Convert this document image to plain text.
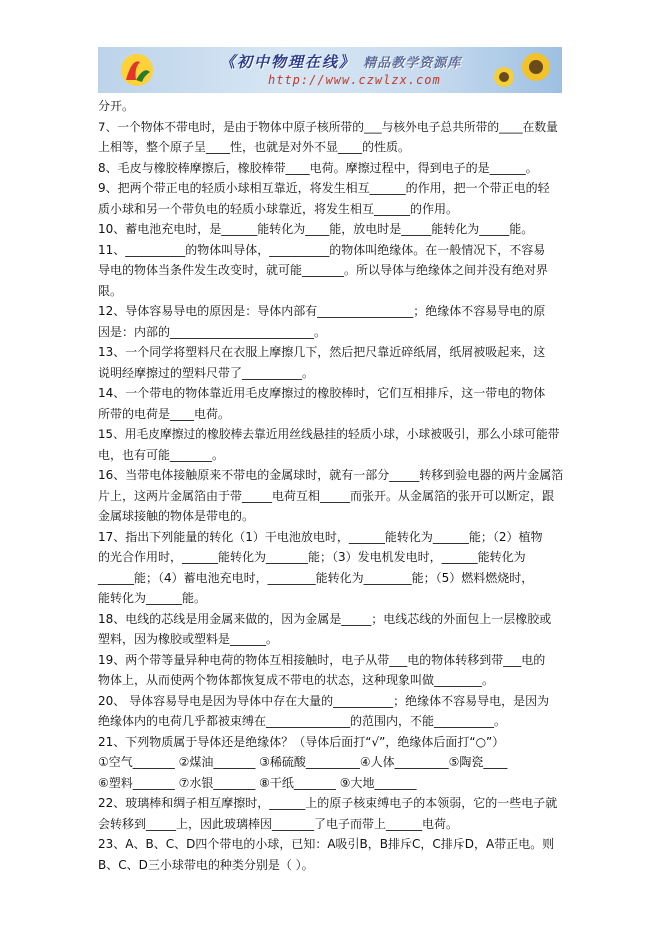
《初中物理在线》 精品教学资源库
http://www.czwlzx.com
分开。
7、一个物体不带电时，是由于物体中原子核所带的___与核外电子总共所带的____在数量
上相等，整个原子呈____性，也就是对外不显____的性质。
8、毛皮与橡胶棒摩擦后，橡胶棒带____电荷。摩擦过程中，得到电子的是______。
9、把两个带正电的轻质小球相互靠近，将发生相互______的作用，把一个带正电的轻
质小球和另一个带负电的轻质小球靠近，将发生相互______的作用。
10、蓄电池充电时，是______能转化为____能，放电时是_____能转化为_____能。
11、__________的物体叫导体，__________的物体叫绝缘体。在一般情况下，不容易
导电的物体当条件发生改变时，就可能_______。所以导体与绝缘体之间并没有绝对界
限。
12、导体容易导电的原因是：导体内部有________________；绝缘体不容易导电的原
因是：内部的________________________。
13、一个同学将塑料尺在衣服上摩擦几下，然后把尺靠近碎纸屑，纸屑被吸起来，这
说明经摩擦过的塑料尺带了__________。
14、一个带电的物体靠近用毛皮摩擦过的橡胶棒时，它们互相排斥，这一带电的物体
所带的电荷是____电荷。
15、用毛皮摩擦过的橡胶棒去靠近用丝线悬挂的轻质小球，小球被吸引，那么小球可能带
电，也有可能_______。
16、当带电体接触原来不带电的金属球时，就有一部分_____转移到验电器的两片金属箔
片上，这两片金属箔由于带_____电荷互相_____而张开。从金属箔的张开可以断定，跟
金属球接触的物体是带电的。
17、指出下列能量的转化（1）干电池放电时，______能转化为______能；（2）植物
的光合作用时，______能转化为_______能；（3）发电机发电时，______能转化为
______能；（4）蓄电池充电时，________能转化为________能；（5）燃料燃烧时，
能转化为______能。
18、电线的芯线是用金属来做的，因为金属是_____；电线芯线的外面包上一层橡胶或
塑料，因为橡胶或塑料是______。
19、两个带等量异种电荷的物体互相接触时，电子从带___电的物体转移到带___电的
物体上，从而使两个物体都恢复成不带电的状态，这种现象叫做________。
20、 导体容易导电是因为导体中存在大量的__________；绝缘体不容易导电，是因为
绝缘体内的电荷几乎都被束缚在______________的范围内，不能__________。
21、下列物质属于导体还是绝缘体？（导体后面打“√”，绝缘体后面打“○”）
①空气_______ ②煤油_______ ③稀硫酸_________④人体_________⑤陶瓷____
⑥塑料_______ ⑦水银_______ ⑧干纸_______ ⑨大地_______
22、玻璃棒和绸子相互摩擦时，______上的原子核束缚电子的本领弱，它的一些电子就
会转移到_____上，因此玻璃棒因_______了电子而带上______电荷。
23、A、B、C、D四个带电的小球，已知：A吸引B，B排斥C，C排斥D，A带正电。则
B、C、D三小球带电的种类分别是（ ）。
